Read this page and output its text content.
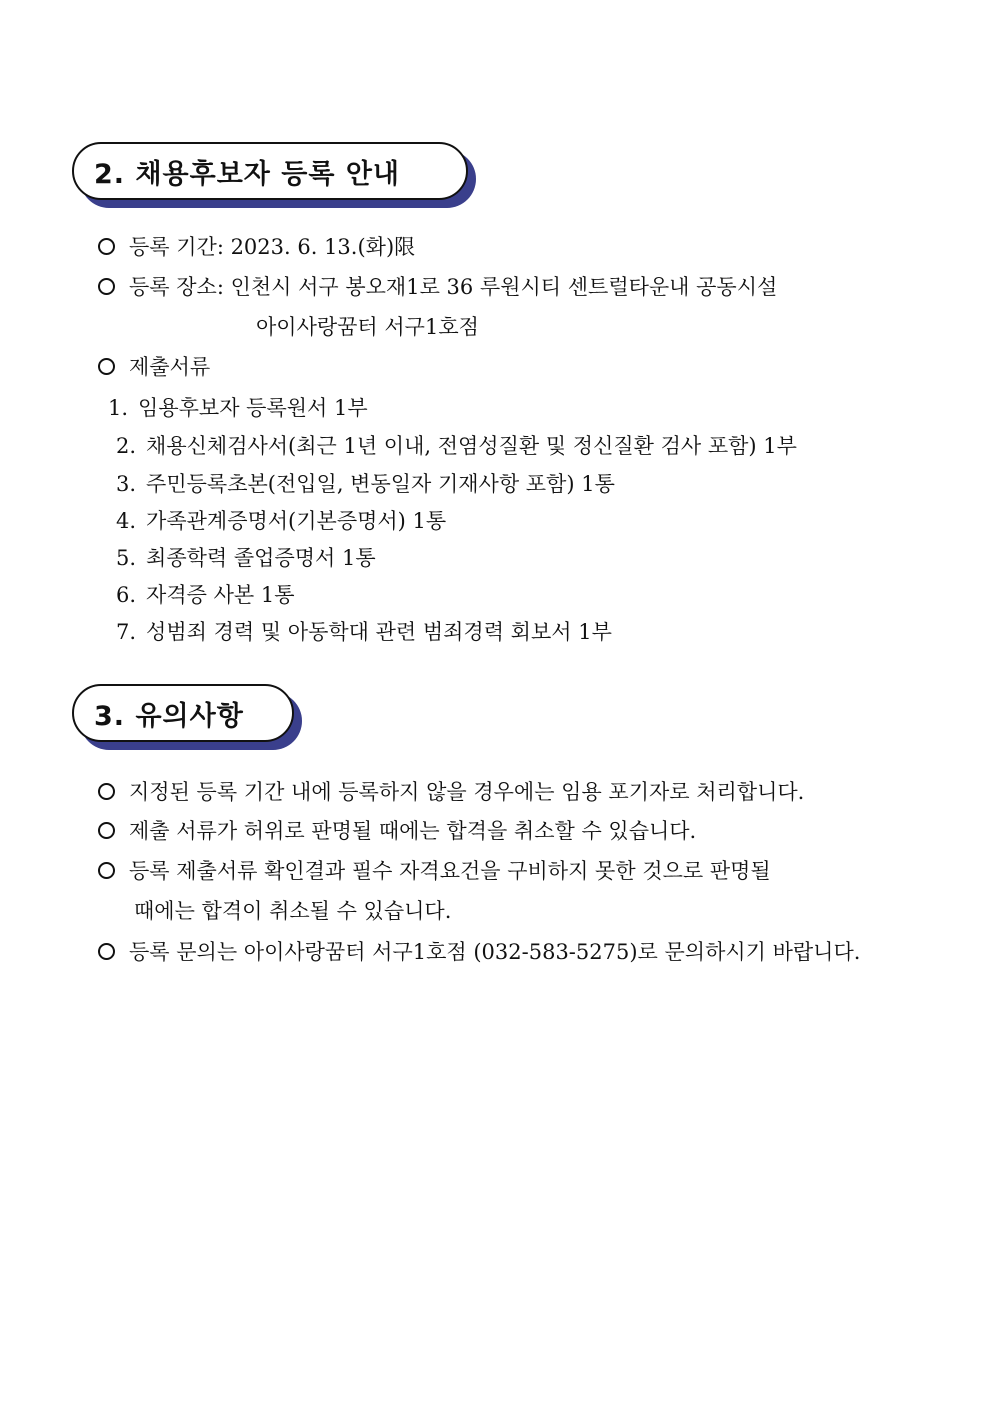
2. 채용후보자 등록 안내
등록 기간: 2023. 6. 13.(화)限
등록 장소: 인천시 서구 봉오재1로 36 루원시티 센트럴타운내 공동시설
아이사랑꿈터 서구1호점
제출서류
1. 임용후보자 등록원서 1부
2. 채용신체검사서(최근 1년 이내, 전염성질환 및 정신질환 검사 포함) 1부
3. 주민등록초본(전입일, 변동일자 기재사항 포함) 1통
4. 가족관계증명서(기본증명서) 1통
5. 최종학력 졸업증명서 1통
6. 자격증 사본 1통
7. 성범죄 경력 및 아동학대 관련 범죄경력 회보서 1부
3. 유의사항
지정된 등록 기간 내에 등록하지 않을 경우에는 임용 포기자로 처리합니다.
제출 서류가 허위로 판명될 때에는 합격을 취소할 수 있습니다.
등록 제출서류 확인결과 필수 자격요건을 구비하지 못한 것으로 판명될
때에는 합격이 취소될 수 있습니다.
등록 문의는 아이사랑꿈터 서구1호점 (032-583-5275)로 문의하시기 바랍니다.
